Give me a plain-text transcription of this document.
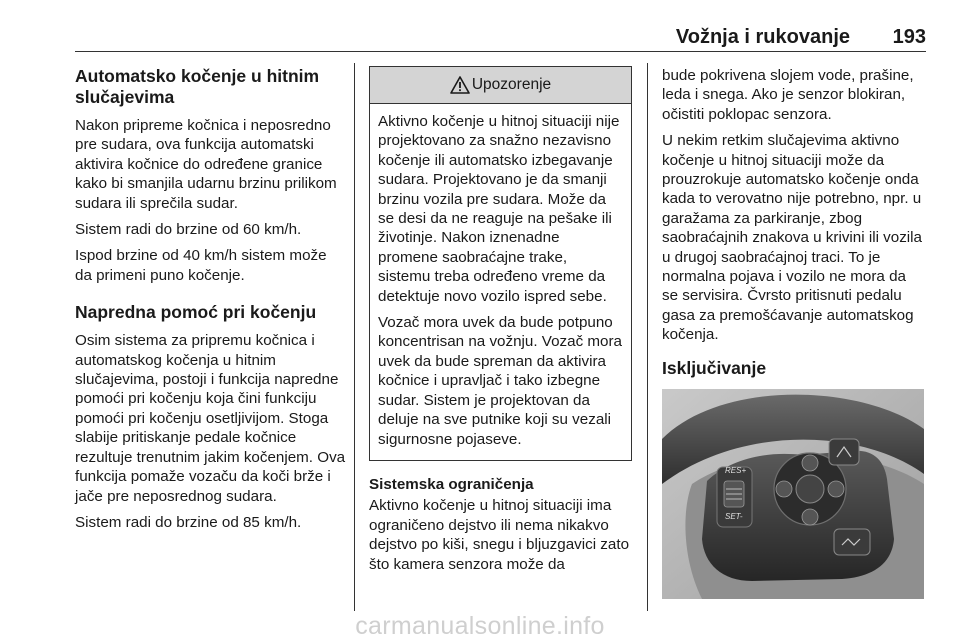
Vožnja i rukovanje 193
Automatsko kočenje u hitnim slučajevima

Nakon pripreme kočnica i neposredno pre sudara, ova funkcija automatski aktivira kočnice do određene granice kako bi smanjila udarnu brzinu prilikom sudara ili sprečila sudar.

Sistem radi do brzine od 60 km/h.

Ispod brzine od 40 km/h sistem može da primeni puno kočenje.

Napredna pomoć pri kočenju

Osim sistema za pripremu kočnica i automatskog kočenja u hitnim slučajevima, postoji i funkcija napredne pomoći pri kočenju koja čini funkciju pomoći pri kočenju osetljivijom. Stoga slabije pritiskanje pedale kočnice rezultuje trenutnim jakim kočenjem. Ova funkcija pomaže vozaču da koči brže i jače pre neposrednog sudara.

Sistem radi do brzine od 85 km/h.

Upozorenje

Aktivno kočenje u hitnoj situaciji nije projektovano za snažno nezavisno kočenje ili automatsko izbegavanje sudara. Projektovano je da smanji brzinu vozila pre sudara. Može da se desi da ne reaguje na pešake ili životinje. Nakon iznenadne promene saobraćajne trake, sistemu treba određeno vreme da detektuje novo vozilo ispred sebe.

Vozač mora uvek da bude potpuno koncentrisan na vožnju. Vozač mora uvek da bude spreman da aktivira kočnice i upravljač i tako izbegne sudar. Sistem je projektovan da deluje na sve putnike koji su vezali sigurnosne pojaseve.

Sistemska ograničenja

Aktivno kočenje u hitnoj situaciji ima ograničeno dejstvo ili nema nikakvo dejstvo po kiši, snegu i bljuzgavici zato što kamera senzora može da

bude pokrivena slojem vode, prašine, leda i snega. Ako je senzor blokiran, očistiti poklopac senzora.

U nekim retkim slučajevima aktivno kočenje u hitnoj situaciji može da prouzrokuje automatsko kočenje onda kada to verovatno nije potrebno, npr. u garažama za parkiranje, zbog saobraćajnih znakova u krivini ili vozila u drugoj saobraćajnoj traci. To je normalna pojava i vozilo ne mora da se servisira. Čvrsto pritisnuti pedalu gasa za premošćavanje automatskog kočenja.

Isključivanje
RES+
SET-
carmanualsonline.info
